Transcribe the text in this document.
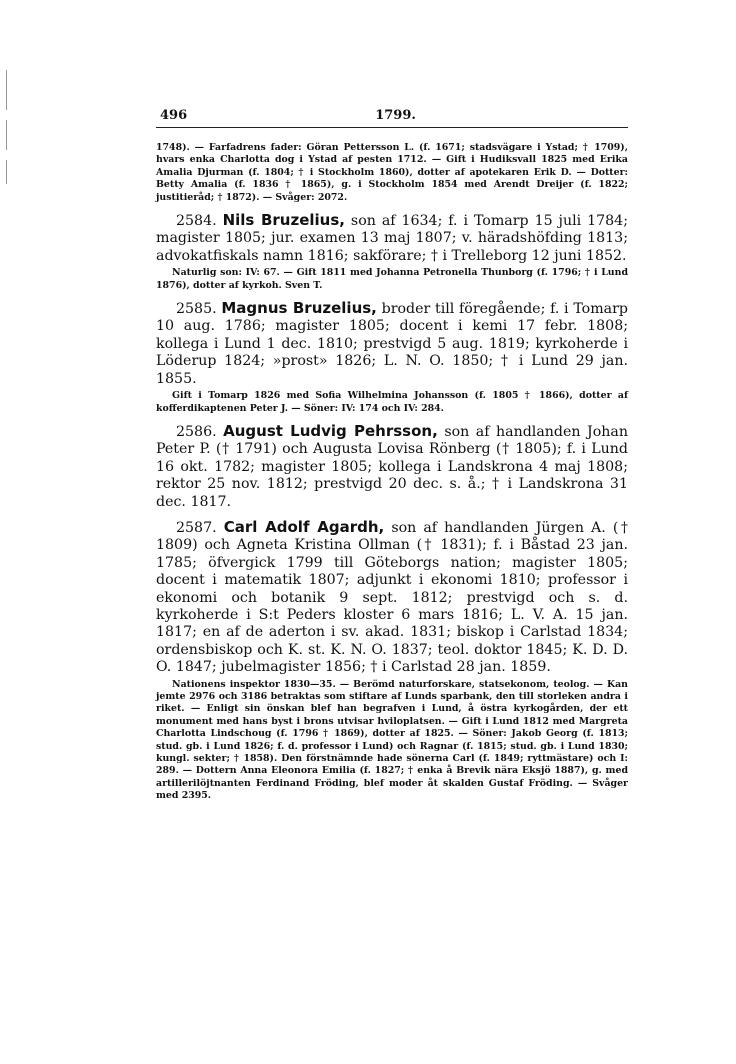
496	1799.

1748). — Farfadrens fader: Göran Pettersson L. (f. 1671; stadsvägare i Ystad; † 1709), hvars enka Charlotta dog i Ystad af pesten 1712. — Gift i Hudiksvall 1825 med Erika Amalia Djurman (f. 1804; † i Stockholm 1860), dotter af apotekaren Erik D. — Dotter: Betty Amalia (f. 1836 † 1865), g. i Stockholm 1854 med Arendt Dreijer (f. 1822; justitieråd; † 1872). — Svåger: 2072.

2584. Nils Bruzelius, son af 1634; f. i Tomarp 15 juli 1784; magister 1805; jur. examen 13 maj 1807; v. häradshöfding 1813; advokatfiskals namn 1816; sakförare; † i Trelleborg 12 juni 1852.

Naturlig son: IV: 67. — Gift 1811 med Johanna Petronella Thunborg (f. 1796; † i Lund 1876), dotter af kyrkoh. Sven T.

2585. Magnus Bruzelius, broder till föregående; f. i Tomarp 10 aug. 1786; magister 1805; docent i kemi 17 febr. 1808; kollega i Lund 1 dec. 1810; prestvigd 5 aug. 1819; kyrkoherde i Löderup 1824; »prost» 1826; L. N. O. 1850; † i Lund 29 jan. 1855.

Gift i Tomarp 1826 med Sofia Wilhelmina Johansson (f. 1805 † 1866), dotter af kofferdikaptenen Peter J. — Söner: IV: 174 och IV: 284.

2586. August Ludvig Pehrsson, son af handlanden Johan Peter P. († 1791) och Augusta Lovisa Rönberg († 1805); f. i Lund 16 okt. 1782; magister 1805; kollega i Landskrona 4 maj 1808; rektor 25 nov. 1812; prestvigd 20 dec. s. å.; † i Landskrona 31 dec. 1817.

2587. Carl Adolf Agardh, son af handlanden Jürgen A. († 1809) och Agneta Kristina Ollman († 1831); f. i Båstad 23 jan. 1785; öfvergick 1799 till Göteborgs nation; magister 1805; docent i matematik 1807; adjunkt i ekonomi 1810; professor i ekonomi och botanik 9 sept. 1812; prestvigd och s. d. kyrkoherde i S:t Peders kloster 6 mars 1816; L. V. A. 15 jan. 1817; en af de aderton i sv. akad. 1831; biskop i Carlstad 1834; ordensbiskop och K. st. K. N. O. 1837; teol. doktor 1845; K. D. D. O. 1847; jubelmagister 1856; † i Carlstad 28 jan. 1859.

Nationens inspektor 1830—35. — Berömd naturforskare, statsekonom, teolog. — Kan jemte 2976 och 3186 betraktas som stiftare af Lunds sparbank, den till storleken andra i riket. — Enligt sin önskan blef han begrafven i Lund, å östra kyrkogården, der ett monument med hans byst i brons utvisar hviloplatsen. — Gift i Lund 1812 med Margreta Charlotta Lindschoug (f. 1796 † 1869), dotter af 1825. — Söner: Jakob Georg (f. 1813; stud. gb. i Lund 1826; f. d. professor i Lund) och Ragnar (f. 1815; stud. gb. i Lund 1830; kungl. sekter; † 1858). Den förstnämnde hade sönerna Carl (f. 1849; ryttmästare) och I: 289. — Dottern Anna Eleonora Emilia (f. 1827; † enka å Brevik nära Eksjö 1887), g. med artillerilöjtnanten Ferdinand Fröding, blef moder åt skalden Gustaf Fröding. — Svåger med 2395.
